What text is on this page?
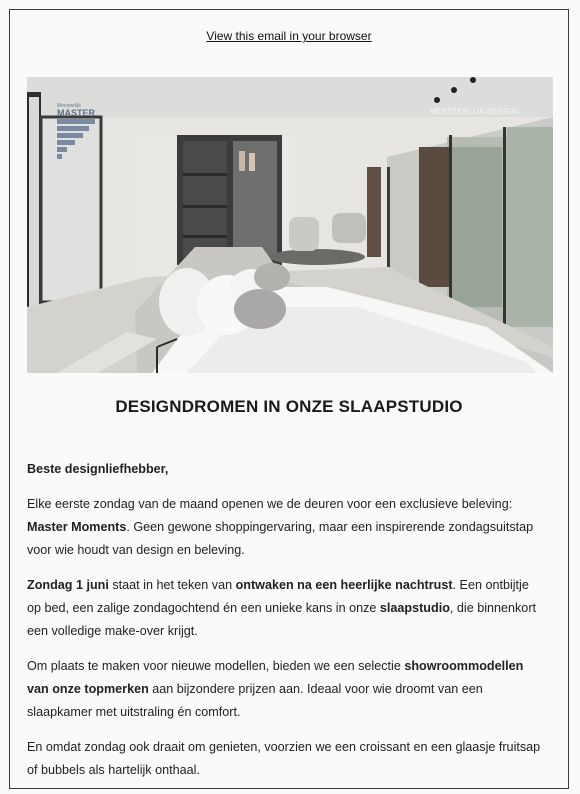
View this email in your browser
Meesterlijk
MASTER	MEESTERLIJK DESIGN
DESIGNDROMEN IN ONZE SLAAPSTUDIO

Beste designliefhebber,

Elke eerste zondag van de maand openen we de deuren voor een exclusieve beleving: Master Moments. Geen gewone shoppingervaring, maar een inspirerende zondagsuitstap voor wie houdt van design en beleving.

Zondag 1 juni staat in het teken van ontwaken na een heerlijke nachtrust. Een ontbijtje op bed, een zalige zondagochtend én een unieke kans in onze slaapstudio, die binnenkort een volledige make-over krijgt.

Om plaats te maken voor nieuwe modellen, bieden we een selectie showroommodellen van onze topmerken aan bijzondere prijzen aan. Ideaal voor wie droomt van een slaapkamer met uitstraling én comfort.

En omdat zondag ook draait om genieten, voorzien we een croissant en een glaasje fruitsap of bubbels als hartelijk onthaal.
